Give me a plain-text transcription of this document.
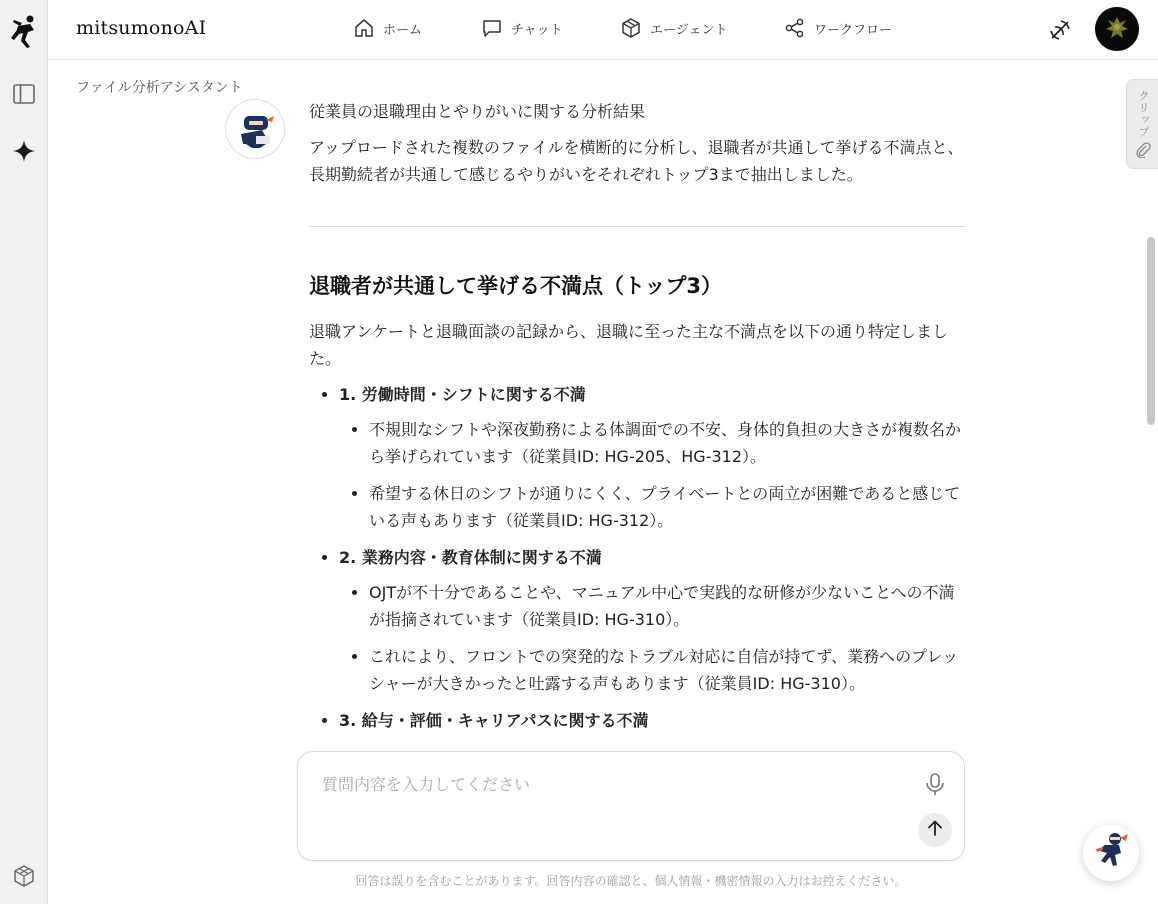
mitsumonoAI	ホーム	チャット	エージェント	ワークフロー
ファイル分析アシスタント

従業員の退職理由とやりがいに関する分析結果

アップロードされた複数のファイルを横断的に分析し、退職者が共通して挙げる不満点と、長期勤続者が共通して感じるやりがいをそれぞれトップ3まで抽出しました。

退職者が共通して挙げる不満点（トップ3）

退職アンケートと退職面談の記録から、退職に至った主な不満点を以下の通り特定しました。

• 1. 労働時間・シフトに関する不満
• 不規則なシフトや深夜勤務による体調面での不安、身体的負担の大きさが複数名から挙げられています（従業員ID: HG-205、HG-312）。
• 希望する休日のシフトが通りにくく、プライベートとの両立が困難であると感じている声もあります（従業員ID: HG-312）。
• 2. 業務内容・教育体制に関する不満
• OJTが不十分であることや、マニュアル中心で実践的な研修が少ないことへの不満が指摘されています（従業員ID: HG-310）。
• これにより、フロントでの突発的なトラブル対応に自信が持てず、業務へのプレッシャーが大きかったと吐露する声もあります（従業員ID: HG-310）。
• 3. 給与・評価・キャリアパスに関する不満
クリップ
質問内容を入力してください
回答は誤りを含むことがあります。回答内容の確認と、個人情報・機密情報の入力はお控えください。
